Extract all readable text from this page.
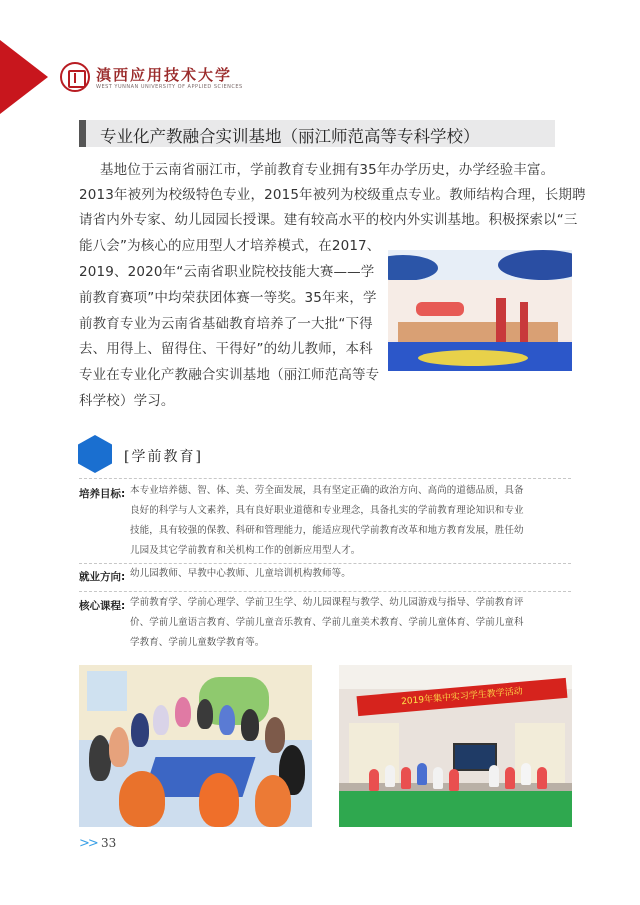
滇西应用技术大学
WEST YUNNAN UNIVERSITY OF APPLIED SCIENCES
专业化产教融合实训基地（丽江师范高等专科学校）
基地位于云南省丽江市，学前教育专业拥有35年办学历史，办学经验丰富。
2013年被列为校级特色专业，2015年被列为校级重点专业。教师结构合理，长期聘
请省内外专家、幼儿园园长授课。建有较高水平的校内外实训基地。积极探索以“三
能八会”为核心的应用型人才培养模式，在2017、
2019、2020年“云南省职业院校技能大赛——学
前教育赛项”中均荣获团体赛一等奖。35年来，学
前教育专业为云南省基础教育培养了一大批“下得
去、用得上、留得住、干得好”的幼儿教师，本科
专业在专业化产教融合实训基地（丽江师范高等专
科学校）学习。
[学前教育]
培养目标: 本专业培养德、智、体、美、劳全面发展，具有坚定正确的政治方向、高尚的道德品质，具备
良好的科学与人文素养，具有良好职业道德和专业理念，具备扎实的学前教育理论知识和专业
技能，具有较强的保教、科研和管理能力，能适应现代学前教育改革和地方教育发展，胜任幼
儿园及其它学前教育和关机构工作的创新应用型人才。
就业方向: 幼儿园教师、早教中心教师、儿童培训机构教师等。
核心课程: 学前教育学、学前心理学、学前卫生学、幼儿园课程与教学、幼儿园游戏与指导、学前教育评
价、学前儿童语言教育、学前儿童音乐教育、学前儿童美术教育、学前儿童体育、学前儿童科
学教育、学前儿童数学教育等。
2019年集中实习学生教学活动
>> 33
